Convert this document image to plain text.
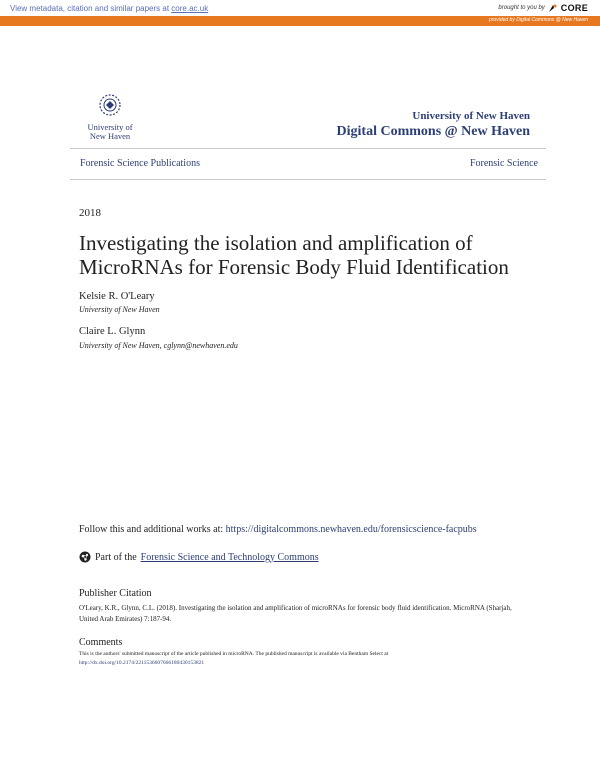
View metadata, citation and similar papers at core.ac.uk	brought to you by CORE
provided by Digital Commons @ New Haven
University of
New Haven
University of New Haven
Digital Commons @ New Haven
Forensic Science Publications	Forensic Science
2018
Investigating the isolation and amplification of MicroRNAs for Forensic Body Fluid Identification
Kelsie R. O'Leary
University of New Haven
Claire L. Glynn
University of New Haven, cglynn@newhaven.edu
Follow this and additional works at: https://digitalcommons.newhaven.edu/forensicscience-facpubs
Part of the Forensic Science and Technology Commons
Publisher Citation
O'Leary, K.R., Glynn, C.L. (2018). Investigating the isolation and amplification of microRNAs for forensic body fluid identification. MicroRNA (Sharjah, United Arab Emirates) 7:187-94.
Comments
This is the authors' submitted manuscript of the article published in microRNA. The published manuscript is available via Bentham Select at
http://dx.doi.org/10.2174/2211536607666180430153821
